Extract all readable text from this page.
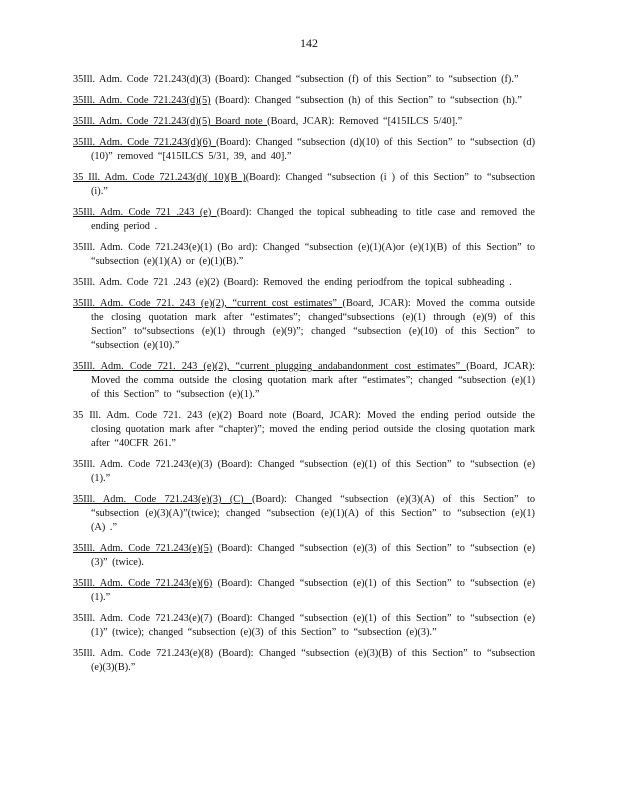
142

35Ill. Adm. Code 721.243(d)(3) (Board): Changed “subsection (f) of this Section” to “subsection (f).”

35Ill. Adm. Code 721.243(d)(5) (Board): Changed “subsection (h) of this Section” to “subsection (h).”

35Ill. Adm. Code 721.243(d)(5) Board note (Board, JCAR): Removed “[415ILCS 5/40].”

35Ill. Adm. Code 721.243(d)(6) (Board): Changed “subsection (d)(10) of this Section” to “subsection (d)(10)” removed “[415ILCS 5/31, 39, and 40].”

35 Ill. Adm. Code 721.243(d)( 10)(B )(Board): Changed “subsection (i ) of this Section” to “subsection (i).”

35Ill. Adm. Code 721 .243 (e) (Board): Changed the topical subheading to title case and removed the ending period .

35Ill. Adm. Code 721.243(e)(1) (Bo ard): Changed “subsection (e)(1)(A)or (e)(1)(B) of this Section” to “subsection (e)(1)(A) or (e)(1)(B).”

35Ill. Adm. Code 721 .243 (e)(2) (Board): Removed the ending periodfrom the topical subheading .

35Ill. Adm. Code 721. 243 (e)(2), “current cost estimates” (Board, JCAR): Moved the comma outside the closing quotation mark after “estimates”; changed“subsections (e)(1) through (e)(9) of this Section” to“subsections (e)(1) through (e)(9)”; changed “subsection (e)(10) of this Section” to “subsection (e)(10).”

35Ill. Adm. Code 721. 243 (e)(2), “current plugging andabandonment cost estimates” (Board, JCAR): Moved the comma outside the closing quotation mark after “estimates”; changed “subsection (e)(1) of this Section” to “subsection (e)(1).”

35 Ill. Adm. Code 721. 243 (e)(2) Board note (Board, JCAR): Moved the ending period outside the closing quotation mark after “chapter)”; moved the ending period outside the closing quotation mark after “40CFR 261.”

35Ill. Adm. Code 721.243(e)(3) (Board): Changed “subsection (e)(1) of this Section” to “subsection (e)(1).”

35Ill. Adm. Code 721.243(e)(3) (C) (Board): Changed “subsection (e)(3)(A) of this Section” to “subsection (e)(3)(A)”(twice); changed “subsection (e)(1)(A) of this Section” to “subsection (e)(1) (A) .”

35Ill. Adm. Code 721.243(e)(5) (Board): Changed “subsection (e)(3) of this Section” to “subsection (e)(3)” (twice).

35Ill. Adm. Code 721.243(e)(6) (Board): Changed “subsection (e)(1) of this Section” to “subsection (e)(1).”

35Ill. Adm. Code 721.243(e)(7) (Board): Changed “subsection (e)(1) of this Section” to “subsection (e)(1)” (twice); changed “subsection (e)(3) of this Section” to “subsection (e)(3).”

35Ill. Adm. Code 721.243(e)(8) (Board): Changed “subsection (e)(3)(B) of this Section” to “subsection (e)(3)(B).”
